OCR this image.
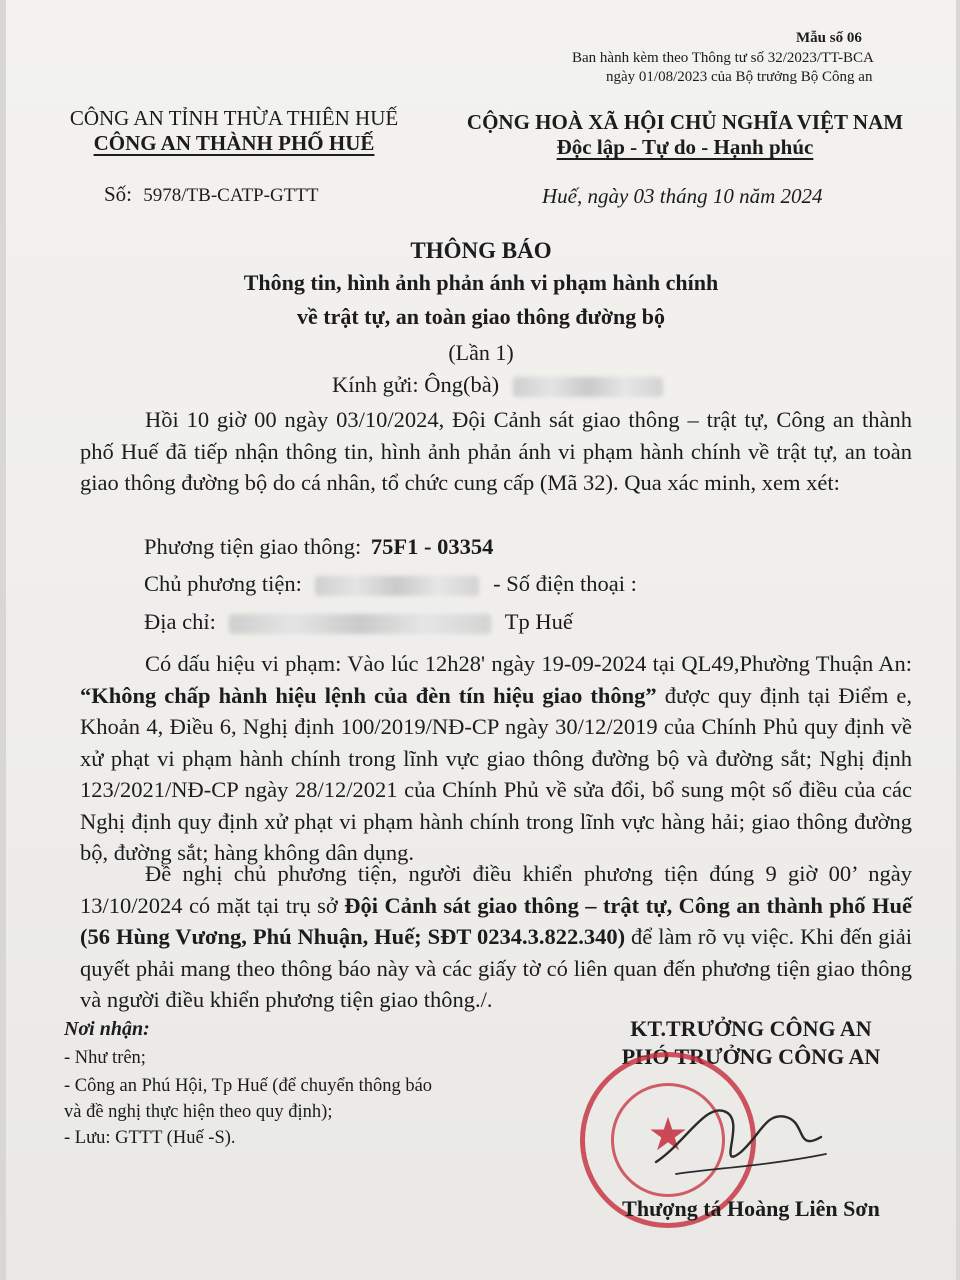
Mẫu số 06
Ban hành kèm theo Thông tư số 32/2023/TT-BCA
ngày 01/08/2023 của Bộ trưởng Bộ Công an
CÔNG AN TỈNH THỪA THIÊN HUẾ
CÔNG AN THÀNH PHỐ HUẾ
Số: 5978/TB-CATP-GTTT
CỘNG HOÀ XÃ HỘI CHỦ NGHĨA VIỆT NAM
Độc lập - Tự do - Hạnh phúc
Huế, ngày 03 tháng 10 năm 2024
THÔNG BÁO
Thông tin, hình ảnh phản ánh vi phạm hành chính
về trật tự, an toàn giao thông đường bộ
(Lần 1)
Kính gửi: Ông(bà)
Hồi 10 giờ 00 ngày 03/10/2024, Đội Cảnh sát giao thông – trật tự, Công an thành phố Huế đã tiếp nhận thông tin, hình ảnh phản ánh vi phạm hành chính về trật tự, an toàn giao thông đường bộ do cá nhân, tổ chức cung cấp (Mã 32). Qua xác minh, xem xét:
Phương tiện giao thông: 75F1 - 03354
Chủ phương tiện:	- Số điện thoại :
Địa chỉ:	Tp Huế
Có dấu hiệu vi phạm: Vào lúc 12h28' ngày 19-09-2024 tại QL49,Phường Thuận An: “Không chấp hành hiệu lệnh của đèn tín hiệu giao thông” được quy định tại Điểm e, Khoản 4, Điều 6, Nghị định 100/2019/NĐ-CP ngày 30/12/2019 của Chính Phủ quy định về xử phạt vi phạm hành chính trong lĩnh vực giao thông đường bộ và đường sắt; Nghị định 123/2021/NĐ-CP ngày 28/12/2021 của Chính Phủ về sửa đổi, bổ sung một số điều của các Nghị định quy định xử phạt vi phạm hành chính trong lĩnh vực hàng hải; giao thông đường bộ, đường sắt; hàng không dân dụng.
Đề nghị chủ phương tiện, người điều khiển phương tiện đúng 9 giờ 00’ ngày 13/10/2024 có mặt tại trụ sở Đội Cảnh sát giao thông – trật tự, Công an thành phố Huế (56 Hùng Vương, Phú Nhuận, Huế; SĐT 0234.3.822.340) để làm rõ vụ việc. Khi đến giải quyết phải mang theo thông báo này và các giấy tờ có liên quan đến phương tiện giao thông và người điều khiển phương tiện giao thông./.
Nơi nhận:
- Như trên;
- Công an Phú Hội, Tp Huế (để chuyển thông báo
và đề nghị thực hiện theo quy định);
- Lưu: GTTT (Huế -S).
KT.TRƯỞNG CÔNG AN
PHÓ TRƯỞNG CÔNG AN
★
Thượng tá Hoàng Liên Sơn
